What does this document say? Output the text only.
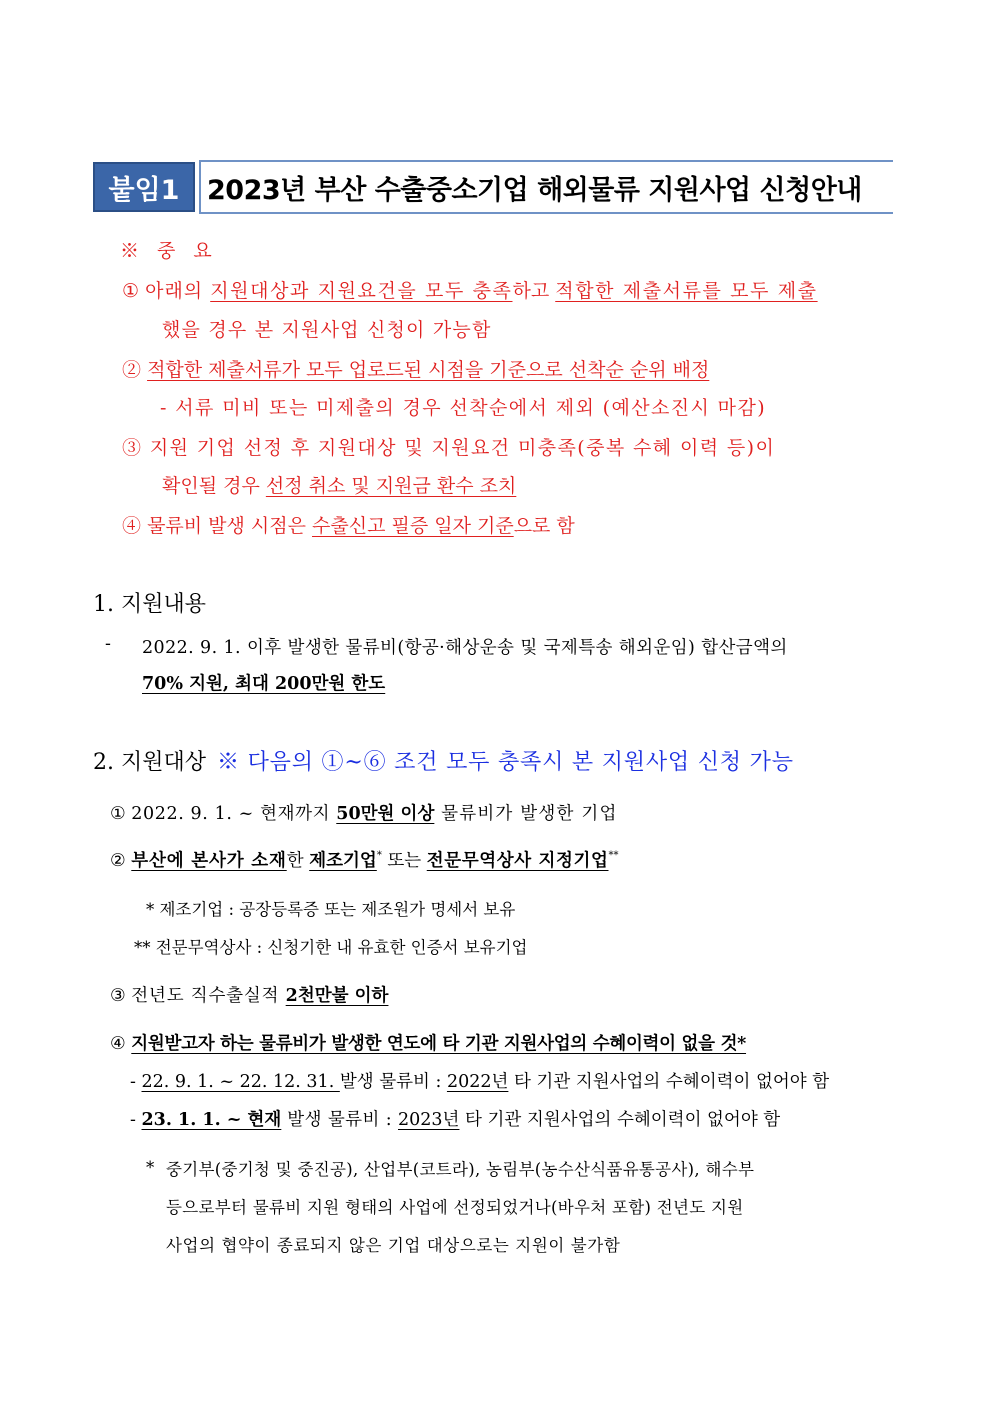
붙임1	2023년 부산 수출중소기업 해외물류 지원사업 신청안내
※ 중 요
① 아래의 지원대상과 지원요건을 모두 충족하고 적합한 제출서류를 모두 제출
했을 경우 본 지원사업 신청이 가능함
② 적합한 제출서류가 모두 업로드된 시점을 기준으로 선착순 순위 배정
- 서류 미비 또는 미제출의 경우 선착순에서 제외 (예산소진시 마감)
③ 지원 기업 선정 후 지원대상 및 지원요건 미충족(중복 수혜 이력 등)이
확인될 경우 선정 취소 및 지원금 환수 조치
④ 물류비 발생 시점은 수출신고 필증 일자 기준으로 함
1. 지원내용
- 2022. 9. 1. 이후 발생한 물류비(항공·해상운송 및 국제특송 해외운임) 합산금액의
70% 지원, 최대 200만원 한도
2. 지원대상 ※ 다음의 ①~⑥ 조건 모두 충족시 본 지원사업 신청 가능
① 2022. 9. 1. ~ 현재까지 50만원 이상 물류비가 발생한 기업
② 부산에 본사가 소재한 제조기업* 또는 전문무역상사 지정기업**
* 제조기업 : 공장등록증 또는 제조원가 명세서 보유
** 전문무역상사 : 신청기한 내 유효한 인증서 보유기업
③ 전년도 직수출실적 2천만불 이하
④ 지원받고자 하는 물류비가 발생한 연도에 타 기관 지원사업의 수혜이력이 없을 것*
- 22. 9. 1. ~ 22. 12. 31. 발생 물류비 : 2022년 타 기관 지원사업의 수혜이력이 없어야 함
- 23. 1. 1. ~ 현재 발생 물류비 : 2023년 타 기관 지원사업의 수혜이력이 없어야 함
* 중기부(중기청 및 중진공), 산업부(코트라), 농림부(농수산식품유통공사), 해수부
등으로부터 물류비 지원 형태의 사업에 선정되었거나(바우처 포함) 전년도 지원
사업의 협약이 종료되지 않은 기업 대상으로는 지원이 불가함
